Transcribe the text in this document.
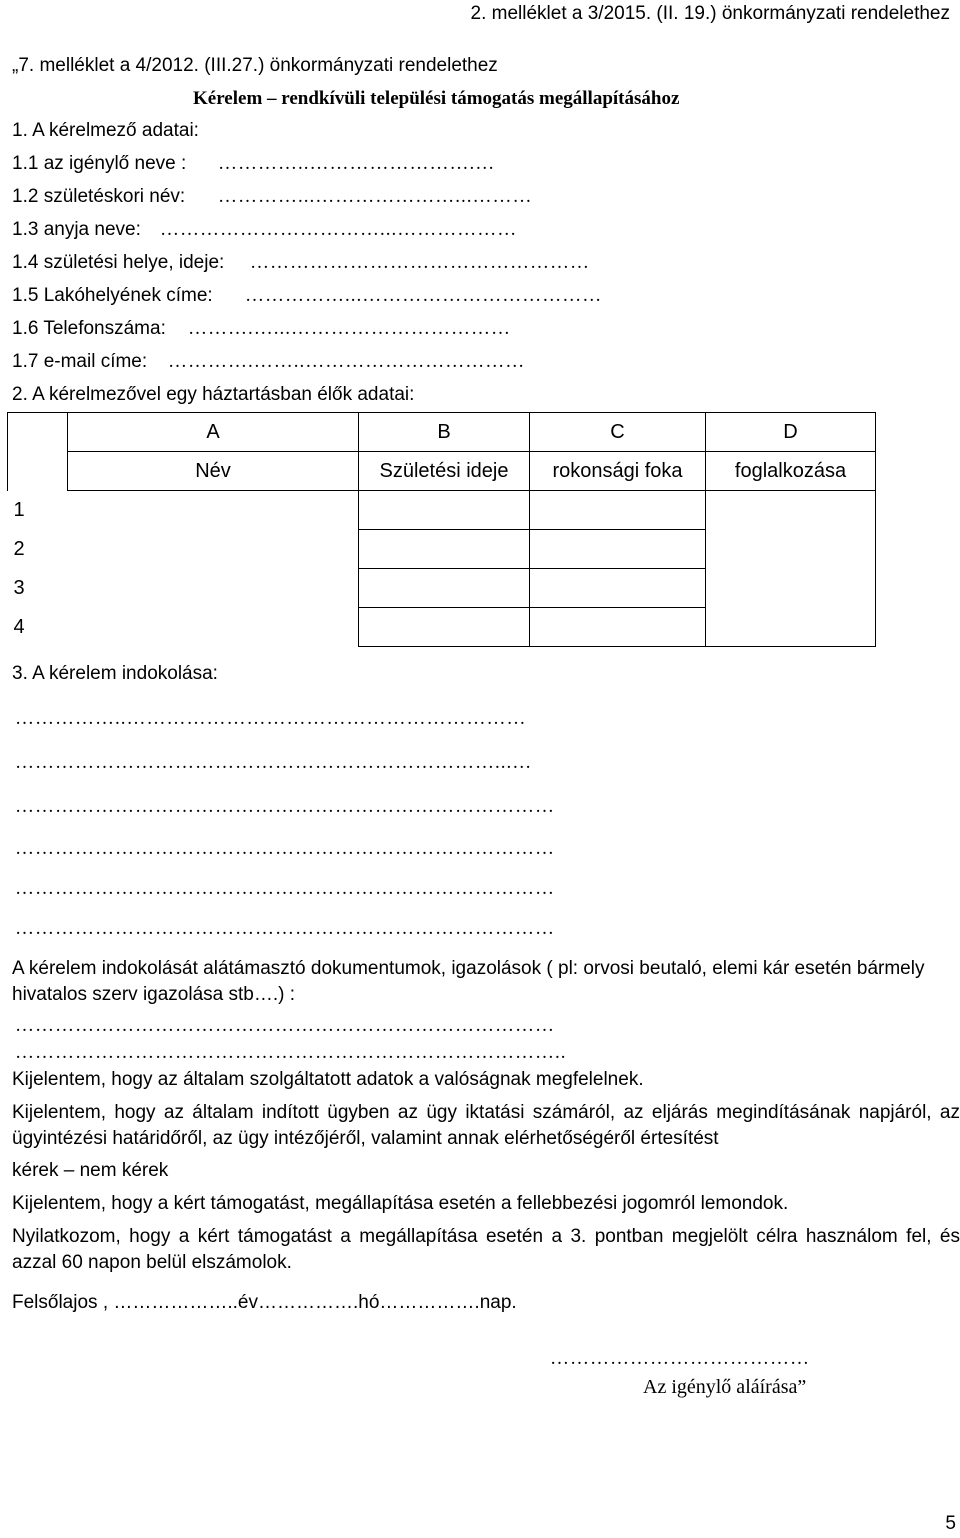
2. melléklet a 3/2015. (II. 19.) önkormányzati rendelethez
„7. melléklet a 4/2012. (III.27.) önkormányzati rendelethez
Kérelem – rendkívüli települési támogatás megállapításához
1. A kérelmező adatai:
1.1 az igénylő neve : …………..…………………….…
1.2 születéskori név: …………...…………………...………
1.3 anyja neve: ……………………………...………………
1.4 születési helye, ideje: ……………………………………………
1.5 Lakóhelyének címe: ……………...………………………………
1.6 Telefonszáma: ……….…...……………………………
1.7 e-mail címe: ………….……..……………………………
2. A kérelmezővel egy háztartásban élők adatai:
	A	B	C	D
	Név	Születési ideje	rokonsági foka	foglalkozása
1				
2				
3				
4				
3. A kérelem indokolása:
……………..……………………………………………………
………………………………………………………………...…
………………………………………………………………………
………………………………………………………………………
………………………………………………………………………
………………………………………………………………………
A kérelem indokolását alátámasztó dokumentumok, igazolások ( pl: orvosi beutaló, elemi kár esetén bármely hivatalos szerv igazolása stb….) :
………………………………………………………………………
………………………………………………………………………..
Kijelentem, hogy az általam szolgáltatott adatok a valóságnak megfelelnek.
Kijelentem, hogy az általam indított ügyben az ügy iktatási számáról, az eljárás megindításának napjáról, az ügyintézési határidőről, az ügy intézőjéről, valamint annak elérhetőségéről értesítést
kérek – nem kérek
Kijelentem, hogy a kért támogatást, megállapítása esetén a fellebbezési jogomról lemondok.
Nyilatkozom, hogy a kért támogatást a megállapítása esetén a 3. pontban megjelölt célra használom fel, és azzal 60 napon belül elszámolok.
Felsőlajos , ………………..év…………….hó…………….nap.
…………………………………
Az igénylő aláírása”
5
